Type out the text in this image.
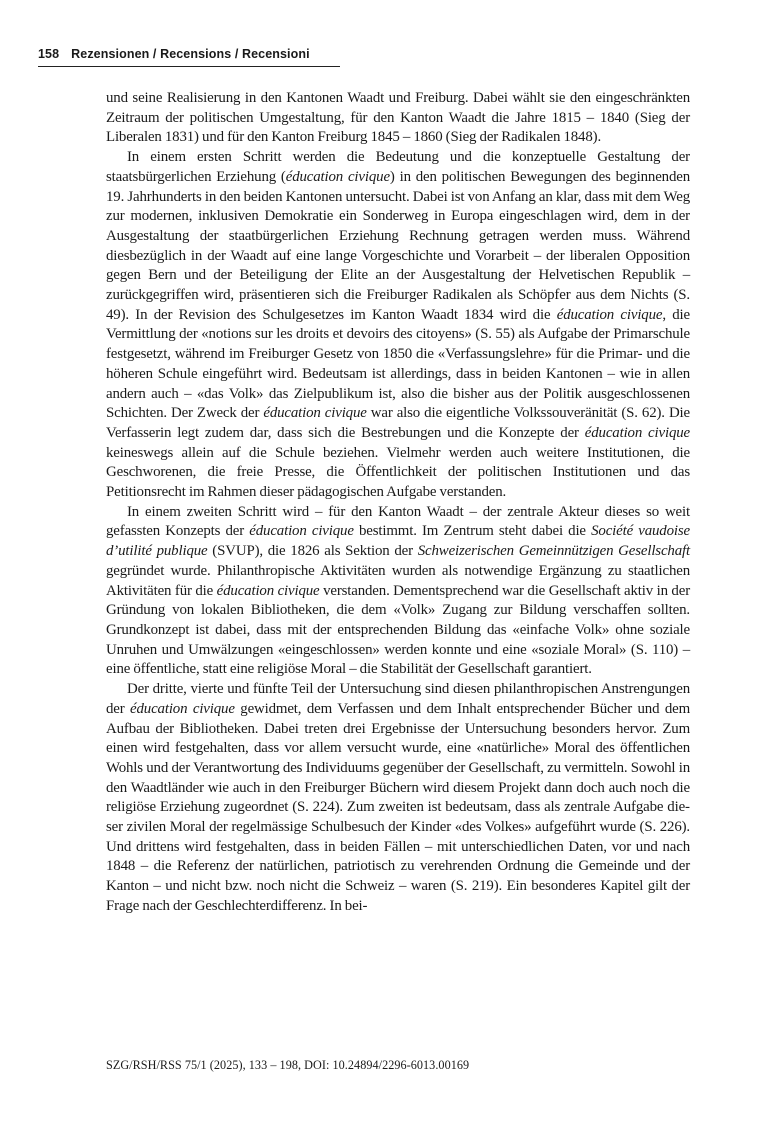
158 Rezensionen / Recensions / Recensioni

und seine Realisierung in den Kantonen Waadt und Freiburg. Dabei wählt sie den eingeschränkten Zeitraum der politischen Umgestaltung, für den Kanton Waadt die Jahre 1815 – 1840 (Sieg der Liberalen 1831) und für den Kanton Freiburg 1845 – 1860 (Sieg der Radikalen 1848).

In einem ersten Schritt werden die Bedeutung und die konzeptuelle Gestaltung der staatsbürgerlichen Erziehung (éducation civique) in den politischen Bewegungen des beginnenden 19. Jahrhunderts in den beiden Kantonen untersucht. Dabei ist von Anfang an klar, dass mit dem Weg zur modernen, inklusiven Demokratie ein Sonderweg in Europa eingeschlagen wird, dem in der Ausgestaltung der staatbürgerlichen Erziehung Rechnung getragen werden muss. Während diesbezüglich in der Waadt auf eine lange Vorgeschichte und Vorarbeit – der liberalen Opposition gegen Bern und der Beteiligung der Elite an der Ausgestaltung der Helvetischen Republik – zurückgegriffen wird, präsentieren sich die Freiburger Radikalen als Schöpfer aus dem Nichts (S. 49). In der Revision des Schulgesetzes im Kanton Waadt 1834 wird die éducation civique, die Vermittlung der «notions sur les droits et devoirs des citoyens» (S. 55) als Aufgabe der Primarschule festgesetzt, während im Freiburger Gesetz von 1850 die «Verfassungslehre» für die Primar- und die höheren Schule eingeführt wird. Bedeutsam ist allerdings, dass in beiden Kantonen – wie in allen andern auch – «das Volk» das Zielpublikum ist, also die bisher aus der Politik ausgeschlossenen Schichten. Der Zweck der éducation civique war also die eigentliche Volkssouveränität (S. 62). Die Verfasserin legt zudem dar, dass sich die Bestrebungen und die Konzepte der éducation civique keineswegs allein auf die Schule beziehen. Vielmehr werden auch weitere Institutionen, die Geschworenen, die freie Presse, die Öffentlichkeit der politischen Institutionen und das Petitionsrecht im Rahmen dieser pädagogischen Aufgabe verstanden.

In einem zweiten Schritt wird – für den Kanton Waadt – der zentrale Akteur dieses so weit gefassten Konzepts der éducation civique bestimmt. Im Zentrum steht dabei die Société vaudoise d’utilité publique (SVUP), die 1826 als Sektion der Schweizerischen Gemeinnützigen Gesellschaft gegründet wurde. Philanthropische Aktivitäten wurden als notwendige Ergänzung zu staatlichen Aktivitäten für die éducation civique verstanden. Dementsprechend war die Gesellschaft aktiv in der Gründung von lokalen Bibliotheken, die dem «Volk» Zugang zur Bildung verschaffen sollten. Grundkonzept ist dabei, dass mit der entsprechenden Bildung das «einfache Volk» ohne soziale Unruhen und Umwälzungen «eingeschlossen» werden konnte und eine «soziale Moral» (S. 110) – eine öffentliche, statt eine religiöse Moral – die Stabilität der Gesellschaft garantiert.

Der dritte, vierte und fünfte Teil der Untersuchung sind diesen philanthropischen Anstrengungen der éducation civique gewidmet, dem Verfassen und dem Inhalt entsprechender Bücher und dem Aufbau der Bibliotheken. Dabei treten drei Ergebnisse der Untersuchung besonders hervor. Zum einen wird festgehalten, dass vor allem versucht wurde, eine «natürliche» Moral des öffentlichen Wohls und der Verantwortung des Individuums gegenüber der Gesellschaft, zu vermitteln. Sowohl in den Waadtländer wie auch in den Freiburger Büchern wird diesem Projekt dann doch auch noch die religiöse Erziehung zugeordnet (S. 224). Zum zweiten ist bedeutsam, dass als zentrale Aufgabe dieser zivilen Moral der regelmässige Schulbesuch der Kinder «des Volkes» aufgeführt wurde (S. 226). Und drittens wird festgehalten, dass in beiden Fällen – mit unterschiedlichen Daten, vor und nach 1848 – die Referenz der natürlichen, patriotisch zu verehrenden Ordnung die Gemeinde und der Kanton – und nicht bzw. noch nicht die Schweiz – waren (S. 219). Ein besonderes Kapitel gilt der Frage nach der Geschlechterdifferenz. In bei-

SZG/RSH/RSS 75/1 (2025), 133 – 198, DOI: 10.24894/2296-6013.00169
